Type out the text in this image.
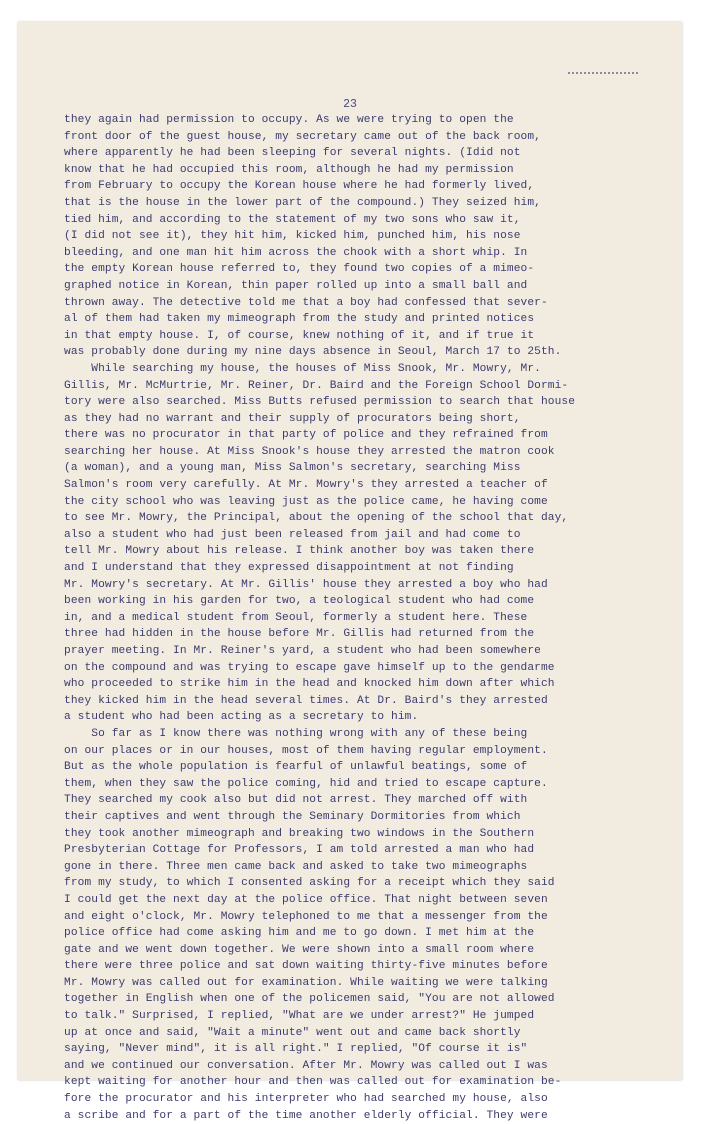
23
they again had permission to occupy. As we were trying to open the
front door of the guest house, my secretary came out of the back room,
where apparently he had been sleeping for several nights. (Idid not
know that he had occupied this room, although he had my permission
from February to occupy the Korean house where he had formerly lived,
that is the house in the lower part of the compound.) They seized him,
tied him, and according to the statement of my two sons who saw it,
(I did not see it), they hit him, kicked him, punched him, his nose
bleeding, and one man hit him across the chook with a short whip. In
the empty Korean house referred to, they found two copies of a mimeo-
graphed notice in Korean, thin paper rolled up into a small ball and
thrown away. The detective told me that a boy had confessed that sever-
al of them had taken my mimeograph from the study and printed notices
in that empty house. I, of course, knew nothing of it, and if true it
was probably done during my nine days absence in Seoul, March 17 to 25th.
While searching my house, the houses of Miss Snook, Mr. Mowry, Mr.
Gillis, Mr. McMurtrie, Mr. Reiner, Dr. Baird and the Foreign School Dormi-
tory were also searched. Miss Butts refused permission to search that house
as they had no warrant and their supply of procurators being short,
there was no procurator in that party of police and they refrained from
searching her house. At Miss Snook's house they arrested the matron cook
(a woman), and a young man, Miss Salmon's secretary, searching Miss
Salmon's room very carefully. At Mr. Mowry's they arrested a teacher of
the city school who was leaving just as the police came, he having come
to see Mr. Mowry, the Principal, about the opening of the school that day,
also a student who had just been released from jail and had come to
tell Mr. Mowry about his release. I think another boy was taken there
and I understand that they expressed disappointment at not finding
Mr. Mowry's secretary. At Mr. Gillis' house they arrested a boy who had
been working in his garden for two, a teological student who had come
in, and a medical student from Seoul, formerly a student here. These
three had hidden in the house before Mr. Gillis had returned from the
prayer meeting. In Mr. Reiner's yard, a student who had been somewhere
on the compound and was trying to escape gave himself up to the gendarme
who proceeded to strike him in the head and knocked him down after which
they kicked him in the head several times. At Dr. Baird's they arrested
a student who had been acting as a secretary to him.
So far as I know there was nothing wrong with any of these being
on our places or in our houses, most of them having regular employment.
But as the whole population is fearful of unlawful beatings, some of
them, when they saw the police coming, hid and tried to escape capture.
They searched my cook also but did not arrest. They marched off with
their captives and went through the Seminary Dormitories from which
they took another mimeograph and breaking two windows in the Southern
Presbyterian Cottage for Professors, I am told arrested a man who had
gone in there. Three men came back and asked to take two mimeographs
from my study, to which I consented asking for a receipt which they said
I could get the next day at the police office. That night between seven
and eight o'clock, Mr. Mowry telephoned to me that a messenger from the
police office had come asking him and me to go down. I met him at the
gate and we went down together. We were shown into a small room where
there were three police and sat down waiting thirty-five minutes before
Mr. Mowry was called out for examination. While waiting we were talking
together in English when one of the policemen said, "You are not allowed
to talk." Surprised, I replied, "What are we under arrest?" He jumped
up at once and said, "Wait a minute" went out and came back shortly
saying, "Never mind", it is all right." I replied, "Of course it is"
and we continued our conversation. After Mr. Mowry was called out I was
kept waiting for another hour and then was called out for examination be-
fore the procurator and his interpreter who had searched my house, also
a scribe and for a part of the time another elderly official. They were
